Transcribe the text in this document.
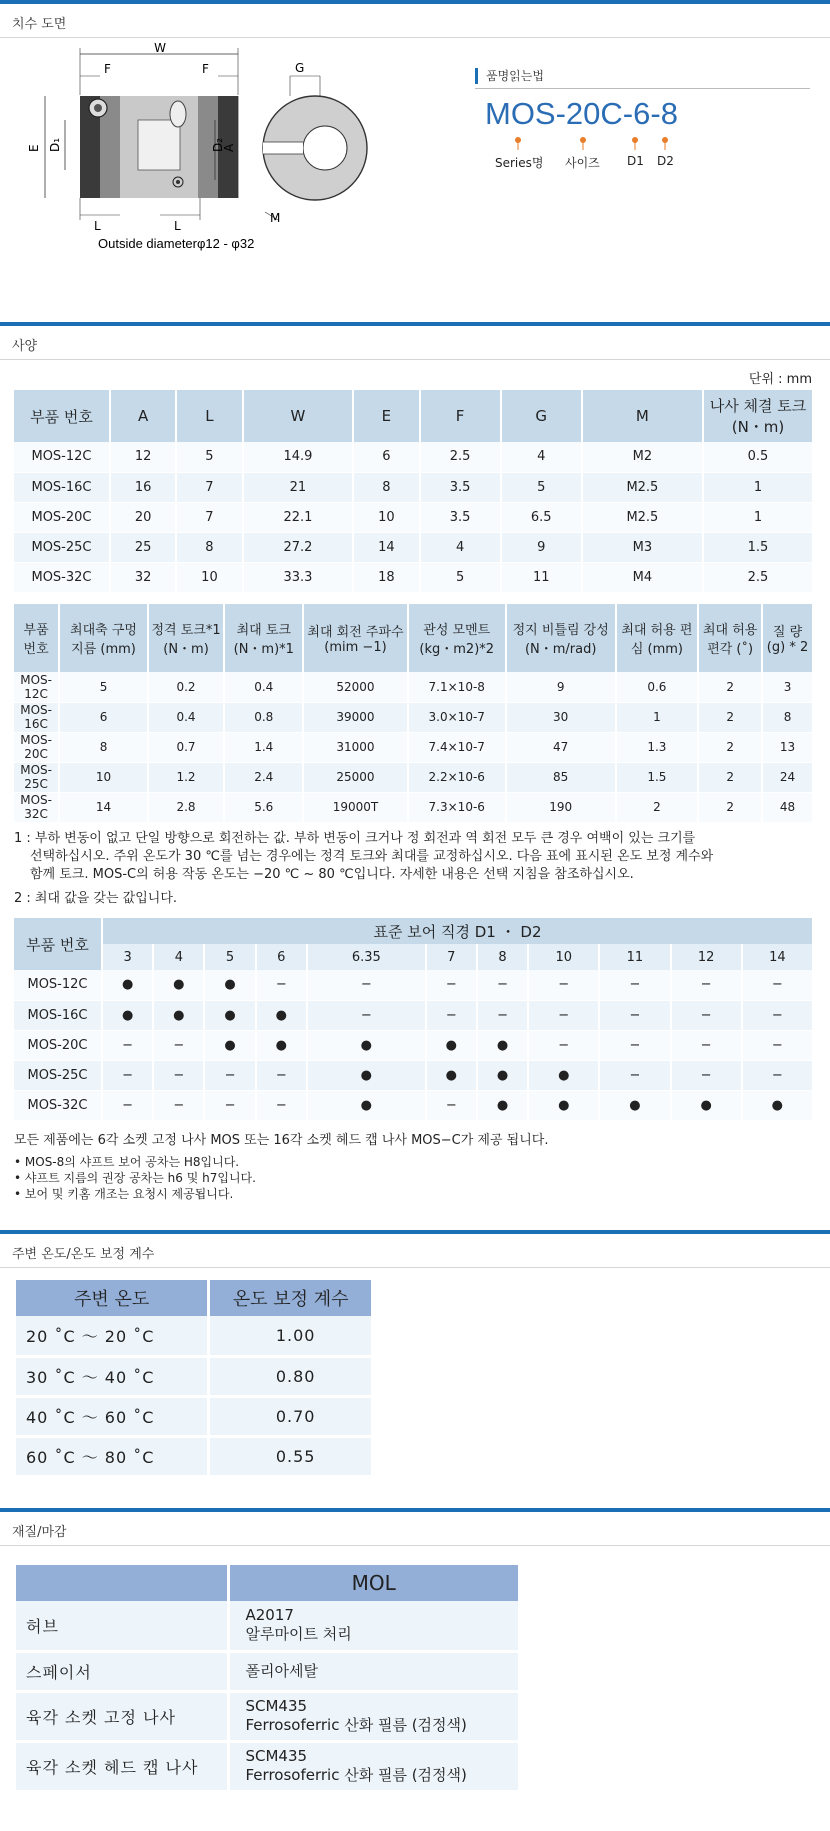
치수 도면
W
F	F
E D₁	D₂
A
L	L
G
M
Outside diameterφ12 - φ32
품명읽는법
MOS-20C-6-8
Series명 사이즈 D1 D2
사양
단위 : mm
부품 번호	A	L	W	E	F	G	M	나사 체결 토크 (N・m)
MOS-12C	12	5	14.9	6	2.5	4	M2	0.5
MOS-16C	16	7	21	8	3.5	5	M2.5	1
MOS-20C	20	7	22.1	10	3.5	6.5	M2.5	1
MOS-25C	25	8	27.2	14	4	9	M3	1.5
MOS-32C	32	10	33.3	18	5	11	M4	2.5
부품 번호	최대축 구멍 지름 (mm)	정격 토크*1 (N・m)	최대 토크 (N・m)*1	최대 회전 주파수 (mim −1)	관성 모멘트 (kg・m2)*2	정지 비틀림 강성 (N・m/rad)	최대 허용 편심 (mm)	최대 허용 편각 (˚)	질 량 (g) * 2
MOS-12C	5	0.2	0.4	52000	7.1×10-8	9	0.6	2	3
MOS-16C	6	0.4	0.8	39000	3.0×10-7	30	1	2	8
MOS-20C	8	0.7	1.4	31000	7.4×10-7	47	1.3	2	13
MOS-25C	10	1.2	2.4	25000	2.2×10-6	85	1.5	2	24
MOS-32C	14	2.8	5.6	19000T	7.3×10-6	190	2	2	48
1 : 부하 변동이 없고 단일 방향으로 회전하는 값. 부하 변동이 크거나 정 회전과 역 회전 모두 큰 경우 여백이 있는 크기를
선택하십시오. 주위 온도가 30 ℃를 넘는 경우에는 정격 토크와 최대를 교정하십시오. 다음 표에 표시된 온도 보정 계수와
함께 토크. MOS-C의 허용 작동 온도는 −20 ℃ ~ 80 ℃입니다. 자세한 내용은 선택 지침을 참조하십시오.
2 : 최대 값을 갖는 값입니다.
부품 번호	표준 보어 직경 D1 ・ D2										
	3	4	5	6	6.35	7	8	10	11	12	14
MOS-12C	●	●	●	−	−	−	−	−	−	−	−
MOS-16C	●	●	●	●	−	−	−	−	−	−	−
MOS-20C	−	−	●	●	●	●	●	−	−	−	−
MOS-25C	−	−	−	−	●	●	●	●	−	−	−
MOS-32C	−	−	−	−	●	−	●	●	●	●	●
모든 제품에는 6각 소켓 고정 나사 MOS 또는 16각 소켓 헤드 캡 나사 MOS−C가 제공 됩니다.
• MOS-8의 샤프트 보어 공차는 H8입니다.
• 샤프트 지름의 권장 공차는 h6 및 h7입니다.
• 보어 및 키홈 개조는 요청시 제공됩니다.
주변 온도/온도 보정 계수
주변 온도	온도 보정 계수
20 ˚C ～ 20 ˚C	1.00
30 ˚C ～ 40 ˚C	0.80
40 ˚C ～ 60 ˚C	0.70
60 ˚C ～ 80 ˚C	0.55
재질/마감
	MOL
허브	A2017
알루마이트 처리

스페이서	폴리아세탈

육각 소켓 고정 나사	SCM435
Ferrosoferric 산화 필름 (검정색)

육각 소켓 헤드 캡 나사	SCM435
Ferrosoferric 산화 필름 (검정색)
